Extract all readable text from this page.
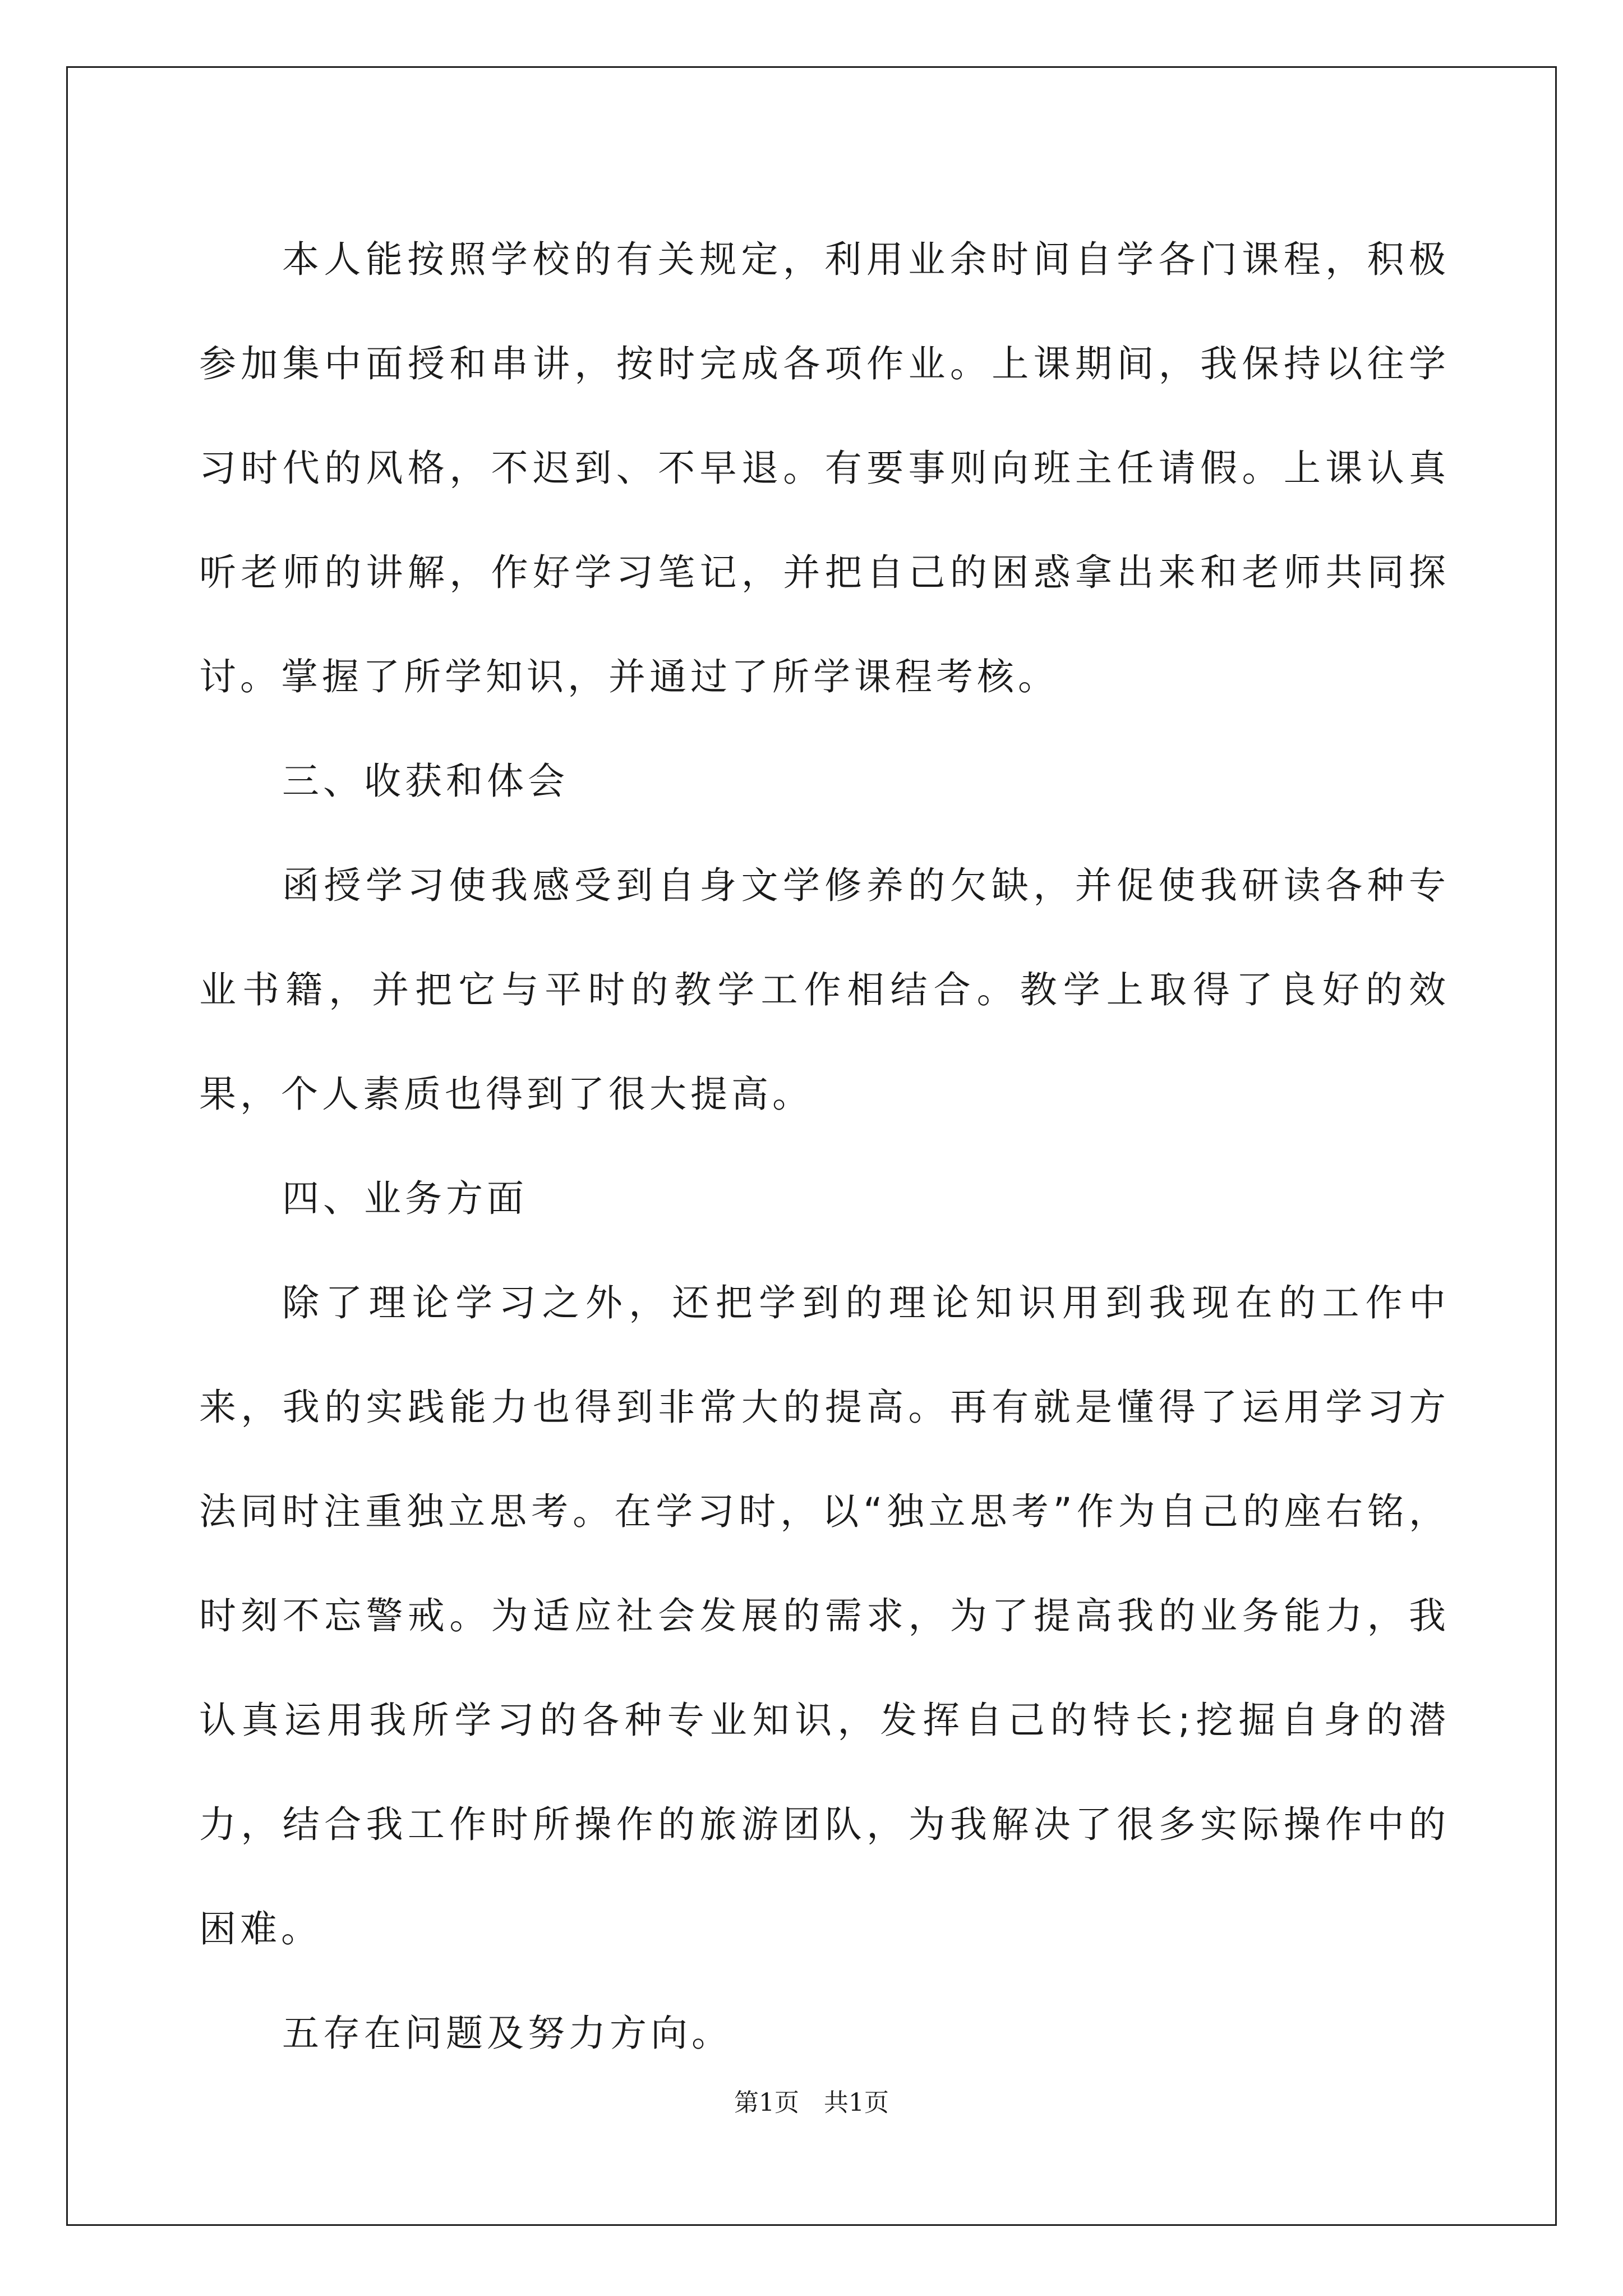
本人能按照学校的有关规定，利用业余时间自学各门课程，积极参加集中面授和串讲，按时完成各项作业。上课期间，我保持以往学习时代的风格，不迟到、不早退。有要事则向班主任请假。上课认真听老师的讲解，作好学习笔记，并把自己的困惑拿出来和老师共同探讨。掌握了所学知识，并通过了所学课程考核。

三、收获和体会

函授学习使我感受到自身文学修养的欠缺，并促使我研读各种专业书籍，并把它与平时的教学工作相结合。教学上取得了良好的效果，个人素质也得到了很大提高。

四、业务方面

除了理论学习之外，还把学到的理论知识用到我现在的工作中来，我的实践能力也得到非常大的提高。再有就是懂得了运用学习方法同时注重独立思考。在学习时，以“独立思考”作为自己的座右铭，时刻不忘警戒。为适应社会发展的需求，为了提高我的业务能力，我认真运用我所学习的各种专业知识，发挥自己的特长;挖掘自身的潜力，结合我工作时所操作的旅游团队，为我解决了很多实际操作中的困难。

五存在问题及努力方向。

第1页　共1页
